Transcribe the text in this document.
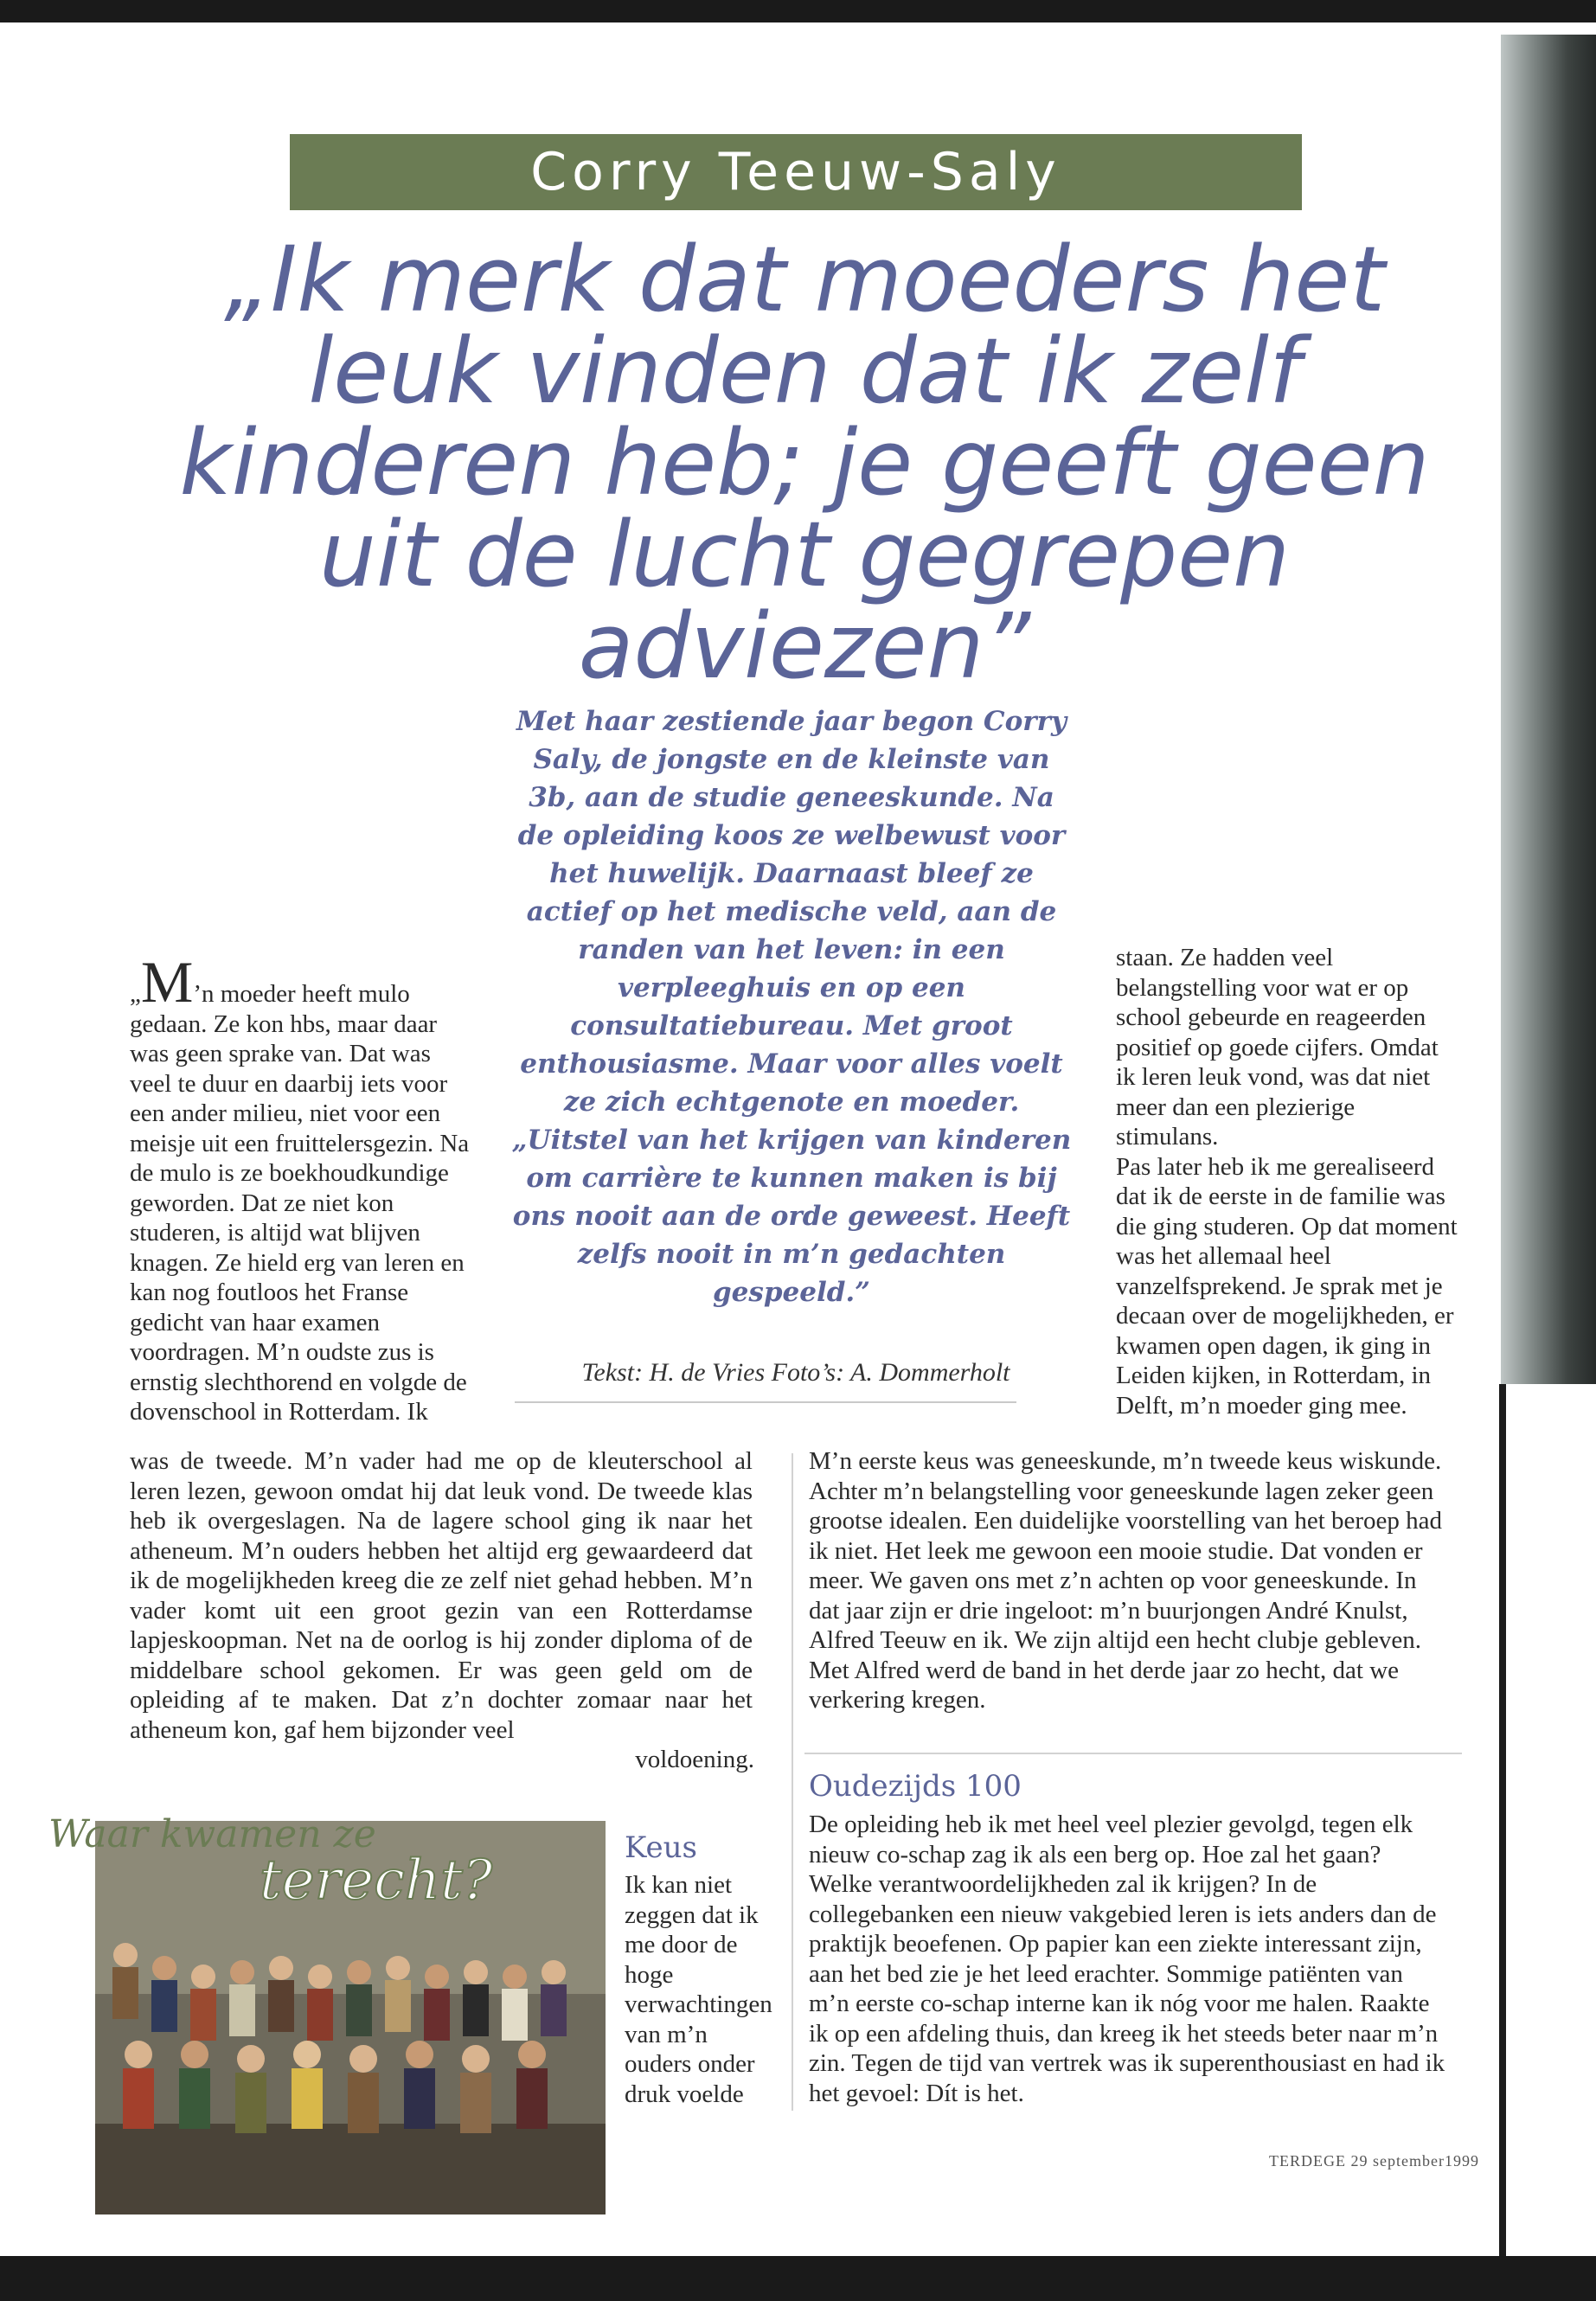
Corry Teeuw-Saly
„Ik merk dat moeders het leuk vinden dat ik zelf kinderen heb; je geeft geen uit de lucht gegrepen adviezen”
Met haar zestiende jaar begon Corry Saly, de jongste en de kleinste van 3b, aan de studie geneeskunde. Na de opleiding koos ze welbewust voor het huwelijk. Daarnaast bleef ze actief op het medische veld, aan de randen van het leven: in een verpleeghuis en op een consultatiebureau. Met groot enthousiasme. Maar voor alles voelt ze zich echtgenote en moeder. „Uitstel van het krijgen van kinderen om carrière te kunnen maken is bij ons nooit aan de orde geweest. Heeft zelfs nooit in m’n gedachten gespeeld.”
Tekst: H. de Vries Foto’s: A. Dommerholt
„M’n moeder heeft mulo gedaan. Ze kon hbs, maar daar was geen sprake van. Dat was veel te duur en daarbij iets voor een ander milieu, niet voor een meisje uit een fruittelersgezin. Na de mulo is ze boekhoudkundige geworden. Dat ze niet kon studeren, is altijd wat blijven knagen. Ze hield erg van leren en kan nog foutloos het Franse gedicht van haar examen voordragen. M’n oudste zus is ernstig slechthorend en volgde de dovenschool in Rotterdam. Ik
was de tweede. M’n vader had me op de kleuterschool al leren lezen, gewoon omdat hij dat leuk vond. De tweede klas heb ik overgeslagen. Na de lagere school ging ik naar het atheneum. M’n ouders hebben het altijd erg gewaardeerd dat ik de mogelijkheden kreeg die ze zelf niet gehad hebben. M’n vader komt uit een groot gezin van een Rotterdamse lapjeskoopman. Net na de oorlog is hij zonder diploma of de middelbare school gekomen. Er was geen geld om de opleiding af te maken. Dat z’n dochter zomaar naar het atheneum kon, gaf hem bijzonder veel
voldoening.
staan. Ze hadden veel belangstelling voor wat er op school gebeurde en reageerden positief op goede cijfers. Omdat ik leren leuk vond, was dat niet meer dan een plezierige stimulans.
Pas later heb ik me gerealiseerd dat ik de eerste in de familie was die ging studeren. Op dat moment was het allemaal heel vanzelfsprekend. Je sprak met je decaan over de mogelijkheden, er kwamen open dagen, ik ging in Leiden kijken, in Rotterdam, in Delft, m’n moeder ging mee.
M’n eerste keus was geneeskunde, m’n tweede keus wiskunde. Achter m’n belangstelling voor geneeskunde lagen zeker geen grootse idealen. Een duidelijke voorstelling van het beroep had ik niet. Het leek me gewoon een mooie studie. Dat vonden er meer. We gaven ons met z’n achten op voor geneeskunde. In dat jaar zijn er drie ingeloot: m’n buurjongen André Knulst, Alfred Teeuw en ik. We zijn altijd een hecht clubje gebleven. Met Alfred werd de band in het derde jaar zo hecht, dat we verkering kregen.
Oudezijds 100
De opleiding heb ik met heel veel plezier gevolgd, tegen elk nieuw co-schap zag ik als een berg op. Hoe zal het gaan? Welke verantwoordelijkheden zal ik krijgen? In de collegebanken een nieuw vakgebied leren is iets anders dan de praktijk beoefenen. Op papier kan een ziekte interessant zijn, aan het bed zie je het leed erachter. Sommige patiënten van m’n eerste co-schap interne kan ik nóg voor me halen. Raakte ik op een afdeling thuis, dan kreeg ik het steeds beter naar m’n zin. Tegen de tijd van vertrek was ik superenthousiast en had ik het gevoel: Dít is het.
Waar kwamen ze
terecht?
Keus
Ik kan niet zeggen dat ik me door de hoge verwachtingen van m’n ouders onder druk voelde
TERDEGE 29 september1999
